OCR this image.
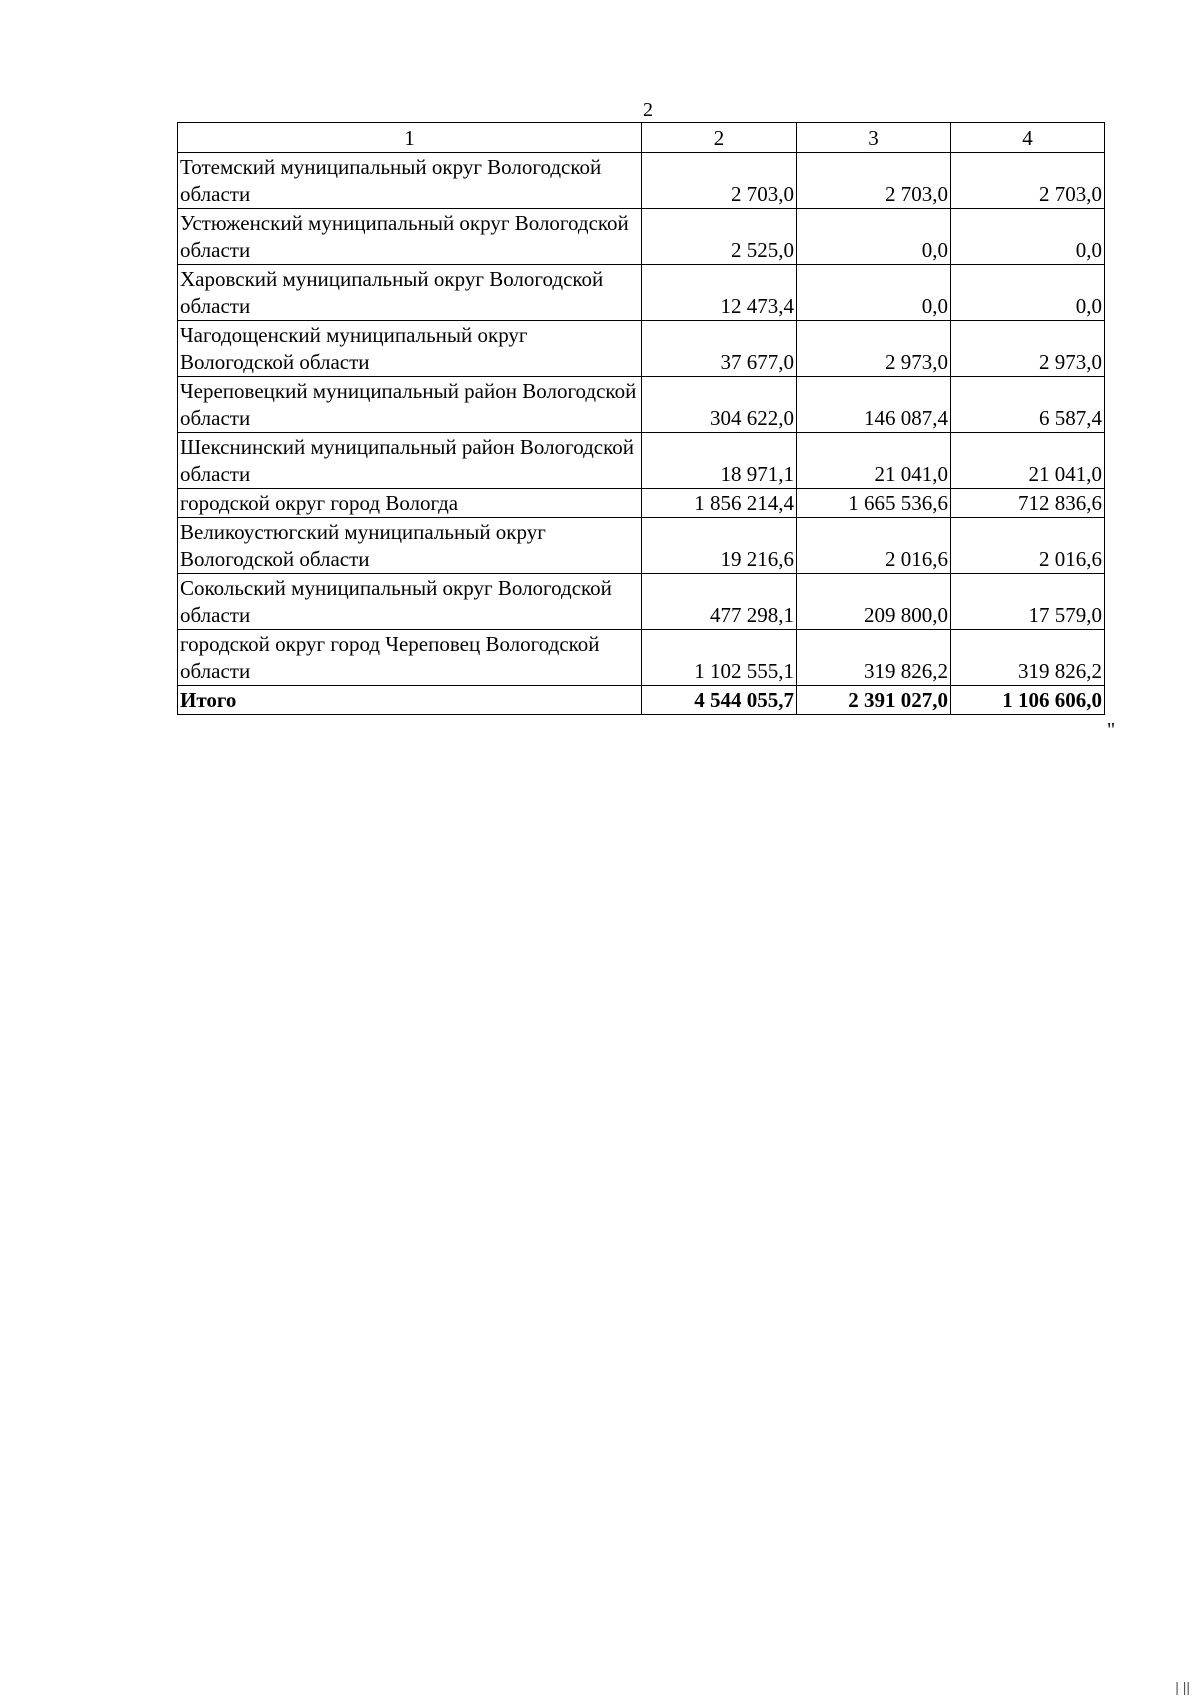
2
1	2	3	4
Тотемский муниципальный округ Вологодской области	2 703,0	2 703,0	2 703,0
Устюженский муниципальный округ Вологодской области	2 525,0	0,0	0,0
Харовский муниципальный округ Вологодской области	12 473,4	0,0	0,0
Чагодощенский муниципальный округ Вологодской области	37 677,0	2 973,0	2 973,0
Череповецкий муниципальный район Вологодской области	304 622,0	146 087,4	6 587,4
Шекснинский муниципальный район Вологодской области	18 971,1	21 041,0	21 041,0
городской округ город Вологда	1 856 214,4	1 665 536,6	712 836,6
Великоустюгский муниципальный округ Вологодской области	19 216,6	2 016,6	2 016,6
Сокольский муниципальный округ Вологодской области	477 298,1	209 800,0	17 579,0
городской округ город Череповец Вологодской области	1 102 555,1	319 826,2	319 826,2
Итого	4 544 055,7	2 391 027,0	1 106 606,0
"
| ||
